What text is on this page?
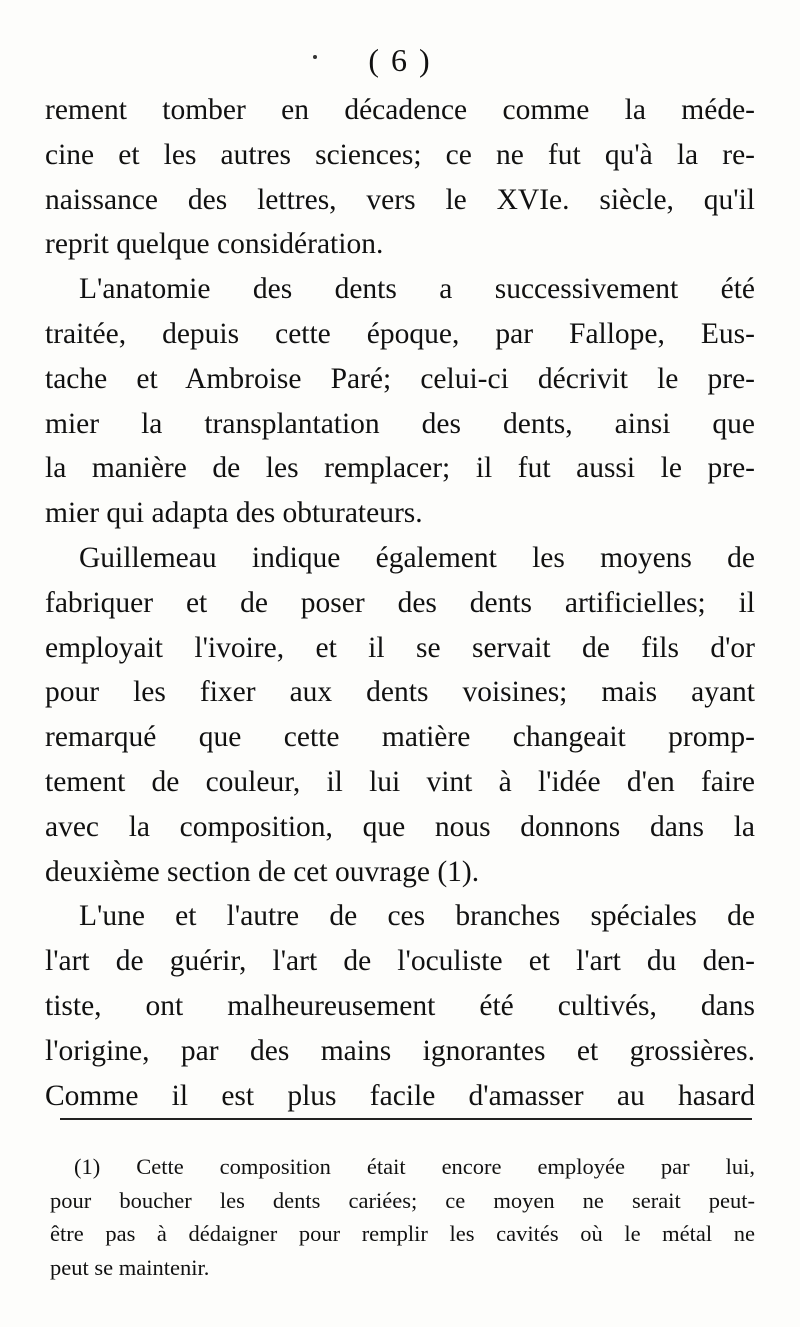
( 6 )
rement tomber en décadence comme la méde-
cine et les autres sciences; ce ne fut qu'à la re-
naissance des lettres, vers le XVIe. siècle, qu'il
reprit quelque considération.
L'anatomie des dents a successivement été
traitée, depuis cette époque, par Fallope, Eus-
tache et Ambroise Paré; celui-ci décrivit le pre-
mier la transplantation des dents, ainsi que
la manière de les remplacer; il fut aussi le pre-
mier qui adapta des obturateurs.
Guillemeau indique également les moyens de
fabriquer et de poser des dents artificielles; il
employait l'ivoire, et il se servait de fils d'or
pour les fixer aux dents voisines; mais ayant
remarqué que cette matière changeait promp-
tement de couleur, il lui vint à l'idée d'en faire
avec la composition, que nous donnons dans la
deuxième section de cet ouvrage (1).
L'une et l'autre de ces branches spéciales de
l'art de guérir, l'art de l'oculiste et l'art du den-
tiste, ont malheureusement été cultivés, dans
l'origine, par des mains ignorantes et grossières.
Comme il est plus facile d'amasser au hasard
(1) Cette composition était encore employée par lui,
pour boucher les dents cariées; ce moyen ne serait peut-
être pas à dédaigner pour remplir les cavités où le métal ne
peut se maintenir.
